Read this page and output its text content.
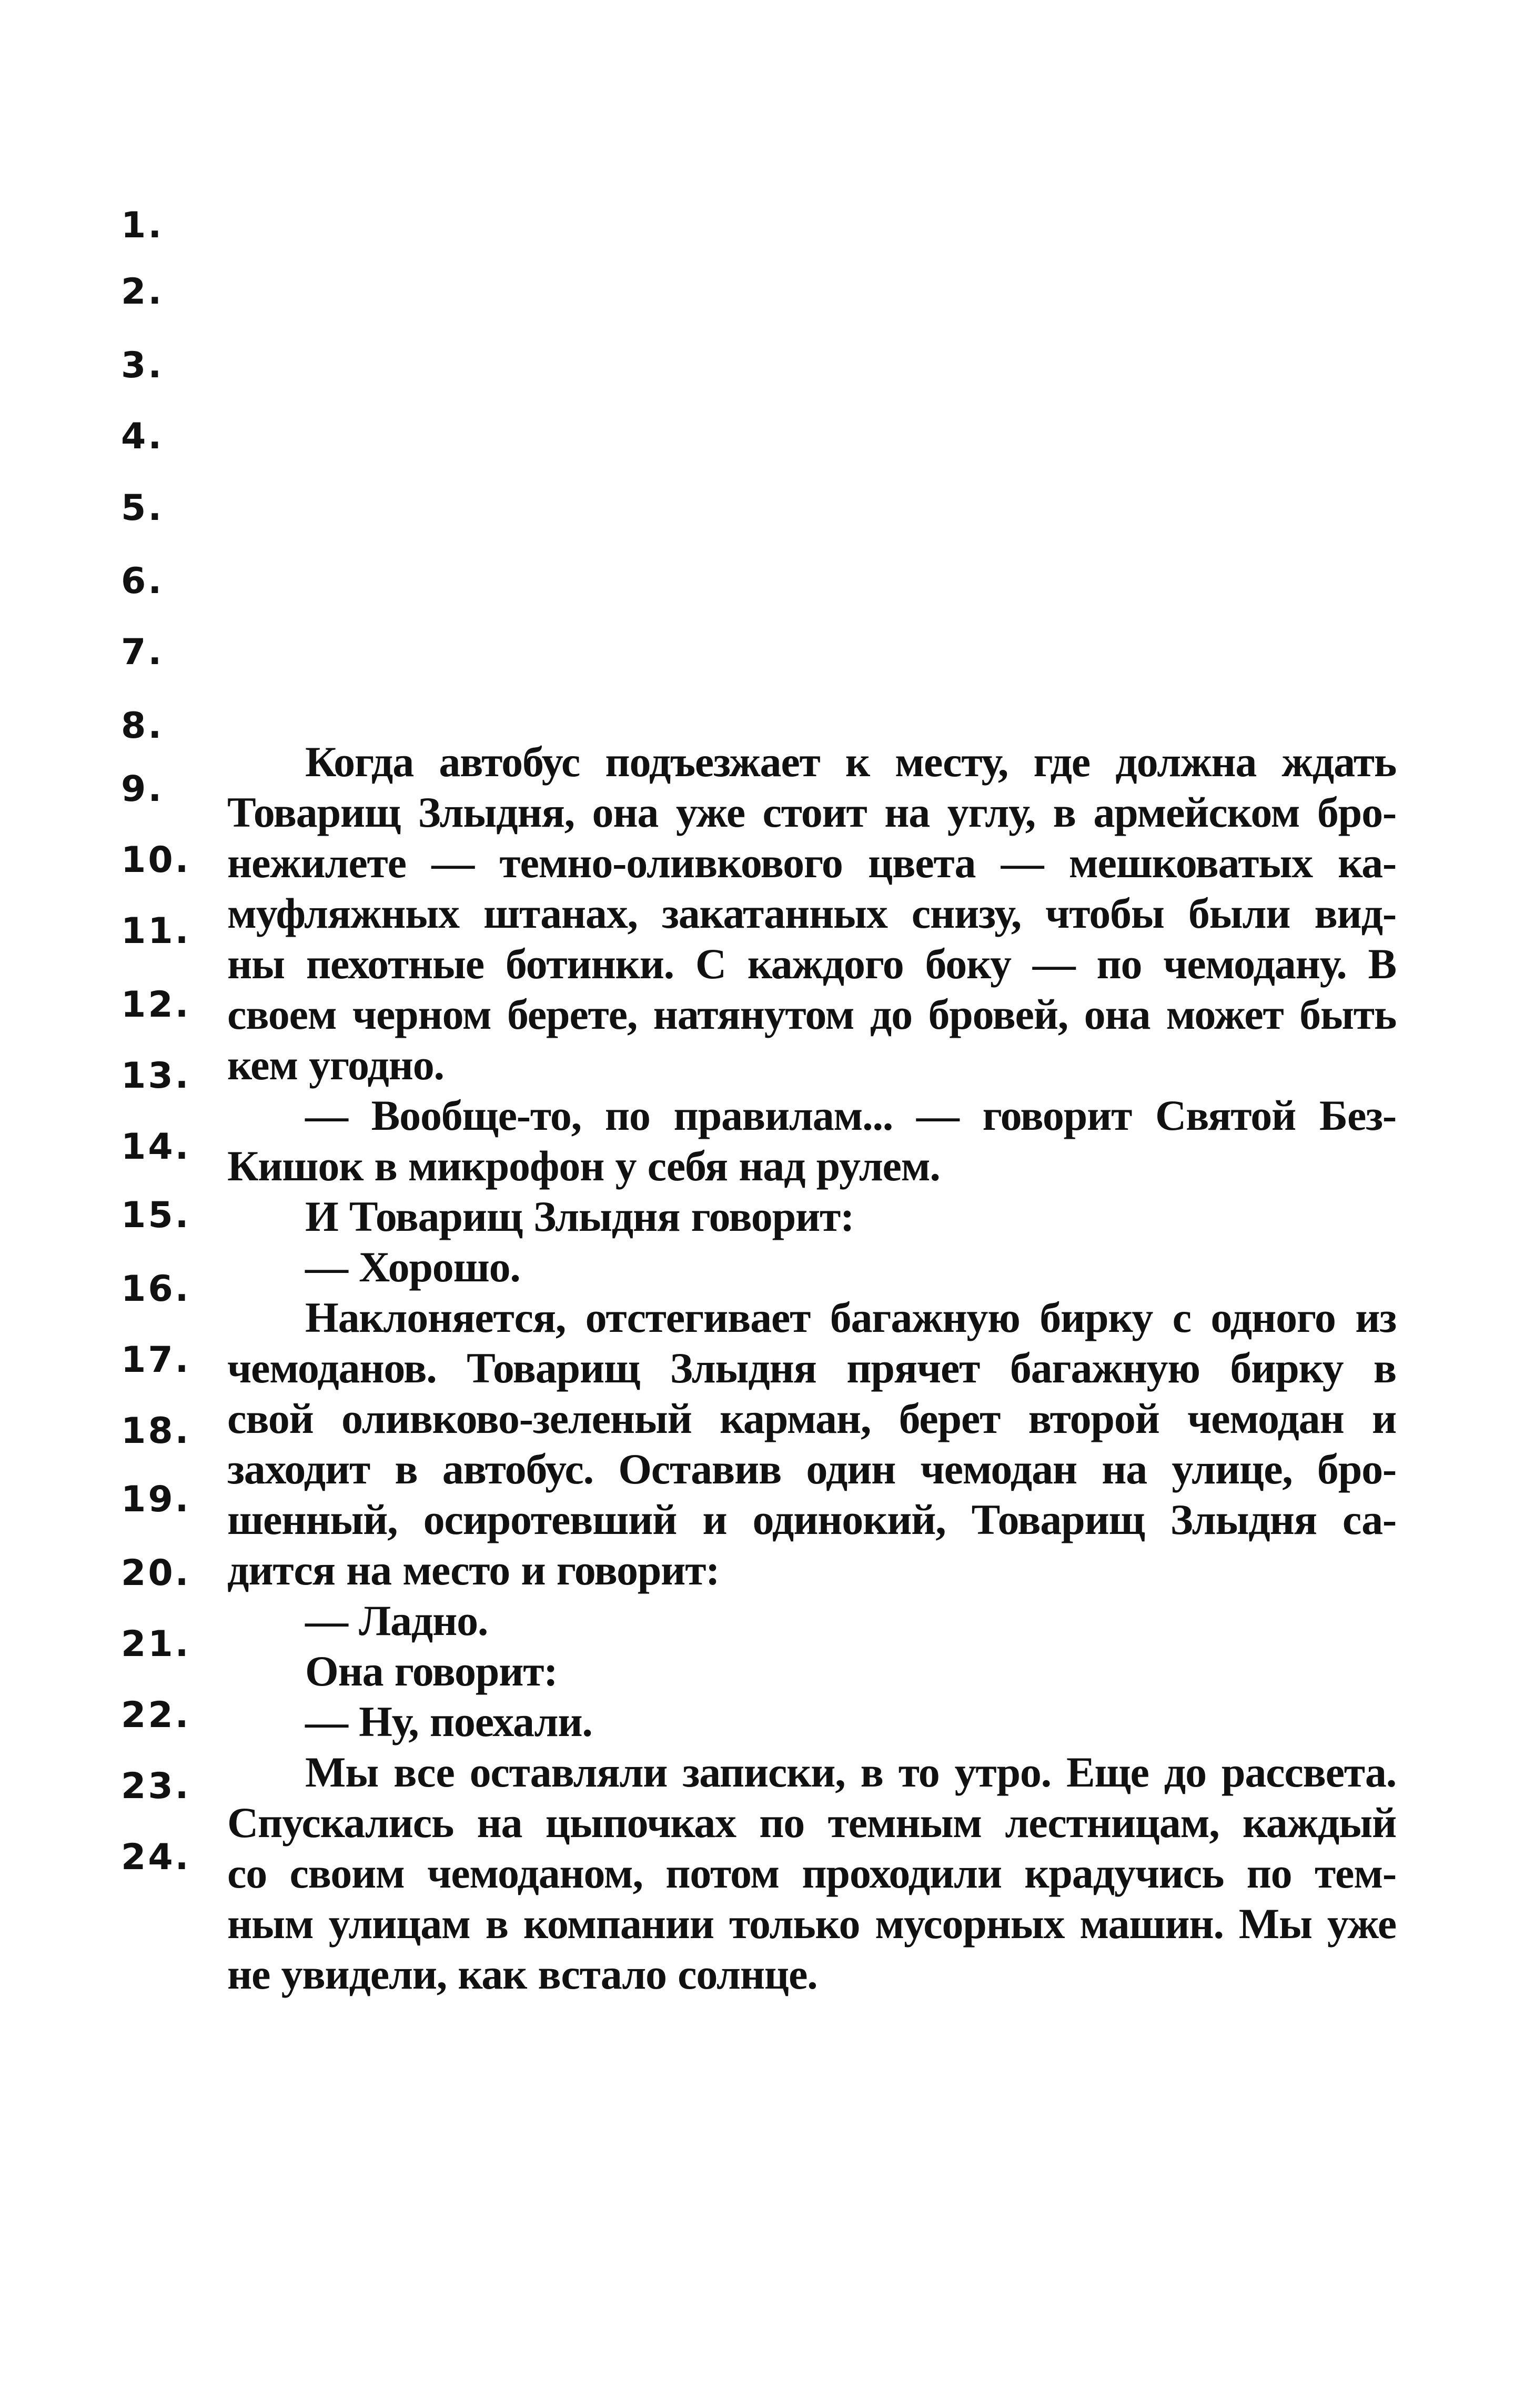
1.
2.
3.
4.
5.
6.
7.
8.
9.
10.
11.
12.
13.
14.
15.
16.
17.
18.
19.
20.
21.
22.
23.
24.
Когда автобус подъезжает к месту, где должна ждать
Товарищ Злыдня, она уже стоит на углу, в армейском бро-
нежилете — темно-оливкового цвета — мешковатых ка-
муфляжных штанах, закатанных снизу, чтобы были вид-
ны пехотные ботинки. С каждого боку — по чемодану. В
своем черном берете, натянутом до бровей, она может быть
кем угодно.
— Вообще-то, по правилам... — говорит Святой Без-
Кишок в микрофон у себя над рулем.
И Товарищ Злыдня говорит:
— Хорошо.
Наклоняется, отстегивает багажную бирку с одного из
чемоданов. Товарищ Злыдня прячет багажную бирку в
свой оливково-зеленый карман, берет второй чемодан и
заходит в автобус. Оставив один чемодан на улице, бро-
шенный, осиротевший и одинокий, Товарищ Злыдня са-
дится на место и говорит:
— Ладно.
Она говорит:
— Ну, поехали.
Мы все оставляли записки, в то утро. Еще до рассвета.
Спускались на цыпочках по темным лестницам, каждый
со своим чемоданом, потом проходили крадучись по тем-
ным улицам в компании только мусорных машин. Мы уже
не увидели, как встало солнце.
